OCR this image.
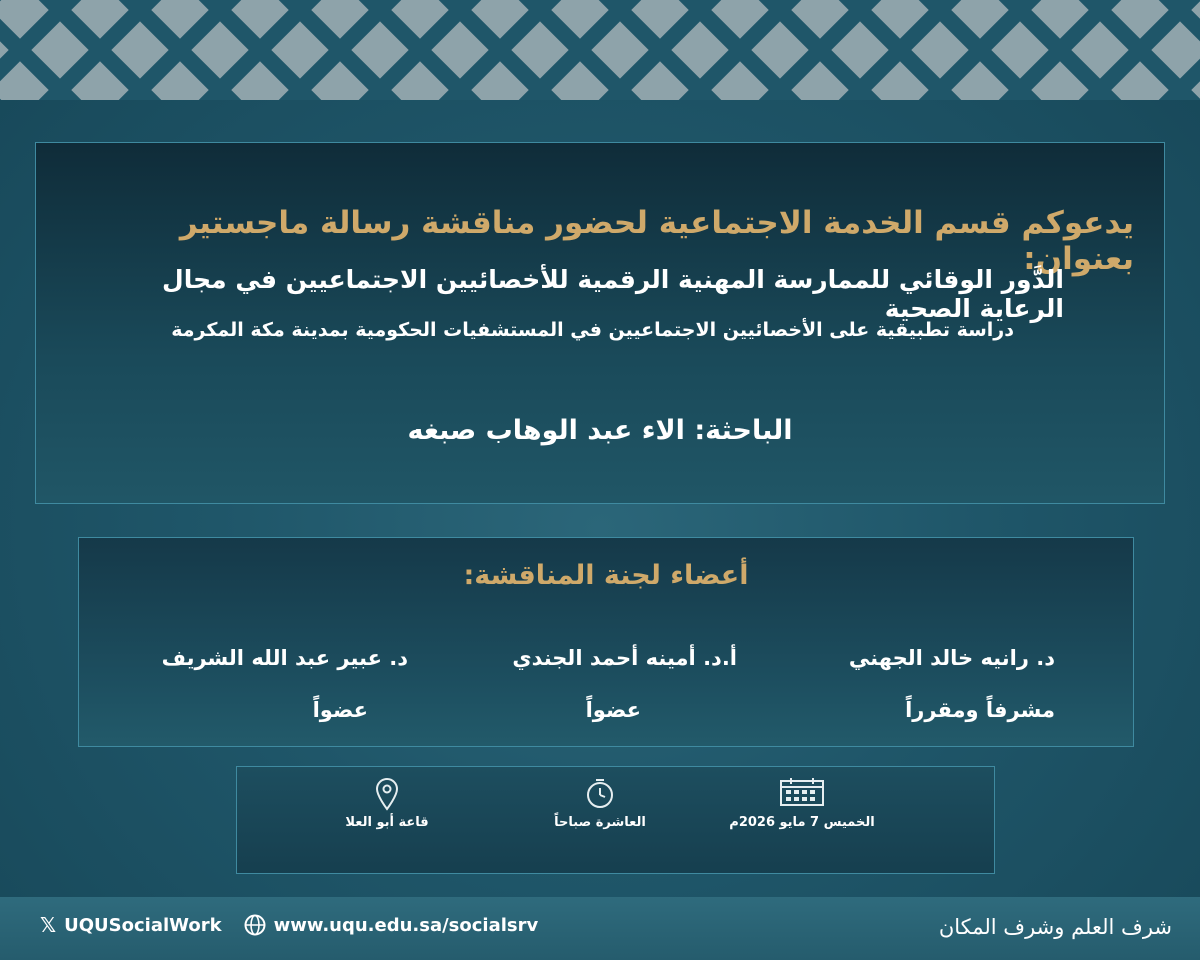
يدعوكم قسم الخدمة الاجتماعية لحضور مناقشة رسالة ماجستير بعنوان:
الدَّور الوقائي للممارسة المهنية الرقمية للأخصائيين الاجتماعيين في مجال الرعاية الصحية
دراسة تطبيقية على الأخصائيين الاجتماعيين في المستشفيات الحكومية بمدينة مكة المكرمة
الباحثة: الاء عبد الوهاب صبغه
أعضاء لجنة المناقشة:
د. رانيه خالد الجهني
مشرفاً ومقرراً
أ.د. أمينه أحمد الجندي
عضواً
د. عبير عبد الله الشريف
عضواً
الخميس 7 مايو 2026م
العاشرة صباحاً
قاعة أبو العلا
شرف العلم وشرف المكان
𝕏 UQUSocialWork	www.uqu.edu.sa/socialsrv
